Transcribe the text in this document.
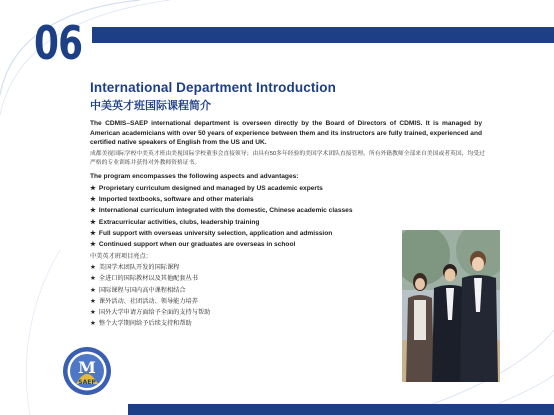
06
International Department Introduction
中美英才班国际课程简介
The CDMIS–SAEP international department is overseen directly by the Board of Directors of CDMIS. It is managed by American academicians with over 50 years of experience between them and its instructors are fully trained, experienced and certified native speakers of English from the US and UK.
成都美视国际学校中美英才班由美视国际学校董事会直接领导；由具有50多年经验的美国学术团队直接管理。所有外籍教师全部来自美国或者英国，均受过严格的专业训练并获得对外教师资格证书。
The program encompasses the following aspects and advantages:
★ Proprietary curriculum designed and managed by US academic experts
★ Imported textbooks, software and other materials
★ International curriculum integrated with the domestic, Chinese academic classes
★ Extracurricular activities, clubs, leadership training
★ Full support with overseas university selection, application and admission
★ Continued support when our graduates are overseas in school
中美英才班项目亮点：
★ 美国学术团队开发的国际课程
★ 全进口的国际教材以及其他配套丛书
★ 国际课程与国内高中课程相结合
★ 课外活动、社团活动、领导能力培养
★ 国外大学申请方面给予全面的支持与帮助
★ 整个大学期间给予后续支持和帮助
M
SAEP
